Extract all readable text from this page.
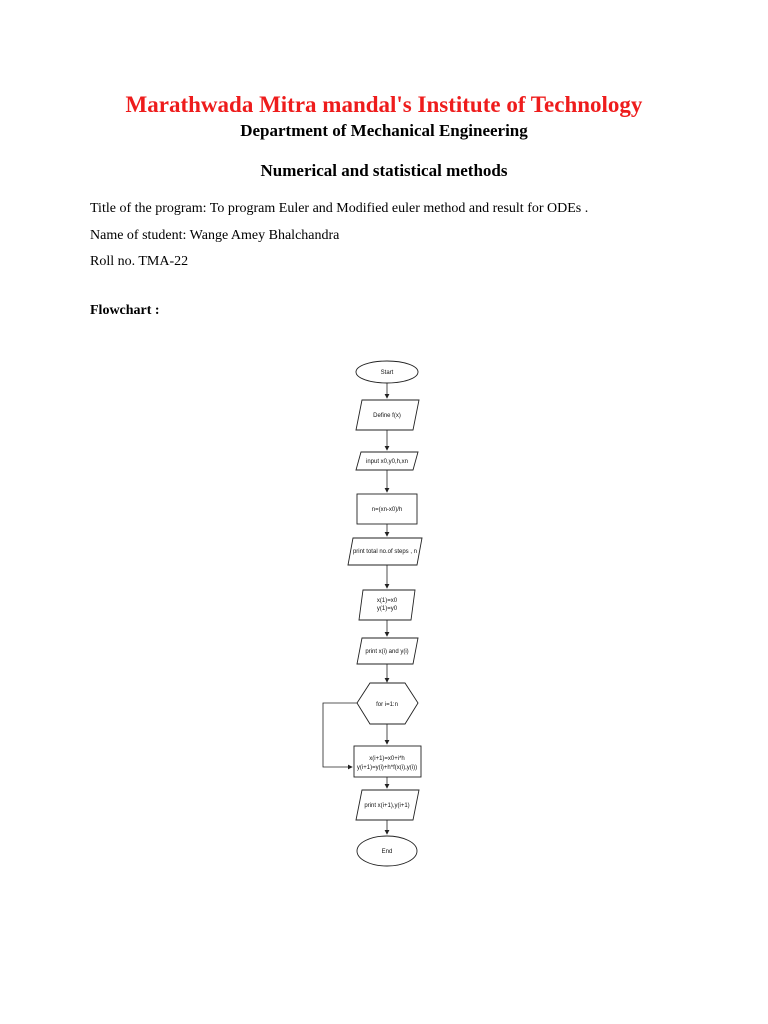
Marathwada Mitra mandal's Institute of Technology
Department of Mechanical Engineering
Numerical and statistical methods
Title of the program: To program Euler and Modified euler method and result for ODEs .
Name of student: Wange Amey Bhalchandra
Roll no. TMA-22
Flowchart :
Start
Define f(x)
input x0,y0,h,xn
n=(xn-x0)/h
print total no.of steps , n
x(1)=x0
y(1)=y0
print x(i) and y(i)
for i=1:n
x(i+1)=x0+i*h
y(i+1)=y(i)+h*f(x(i),y(i))
print x(i+1),y(i+1)
End
